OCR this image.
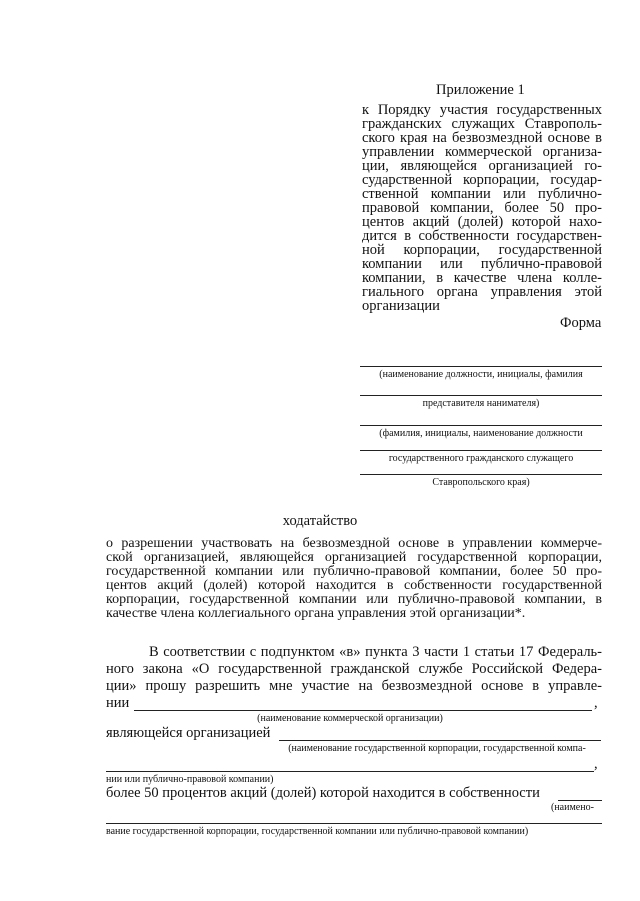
Приложение 1
к Порядку участия государственных
гражданских служащих Ставрополь-
ского края на безвозмездной основе в
управлении коммерческой организа-
ции, являющейся организацией го-
сударственной корпорации, государ-
ственной компании или публично-
правовой компании, более 50 про-
центов акций (долей) которой нахо-
дится в собственности государствен-
ной корпорации, государственной
компании или публично-правовой
компании, в качестве члена колле-
гиального органа управления этой
организации
Форма
(наименование должности, инициалы, фамилия
представителя нанимателя)
(фамилия, инициалы, наименование должности
государственного гражданского служащего
Ставропольского края)
ходатайство
о разрешении участвовать на безвозмездной основе в управлении коммерче-
ской организацией, являющейся организацией государственной корпорации,
государственной компании или публично-правовой компании, более 50 про-
центов акций (долей) которой находится в собственности государственной
корпорации, государственной компании или публично-правовой компании, в
качестве члена коллегиального органа управления этой организации*.
В соответствии с подпунктом «в» пункта 3 части 1 статьи 17 Федераль-
ного закона «О государственной гражданской службе Российской Федера-
ции» прошу разрешить мне участие на безвозмездной основе в управле-
нии	,
(наименование коммерческой организации)
являющейся организацией
(наименование государственной корпорации, государственной компа-
,
нии или публично-правовой компании)
более 50 процентов акций (долей) которой находится в собственности
(наимено-
вание государственной корпорации, государственной компании или публично-правовой компании)
